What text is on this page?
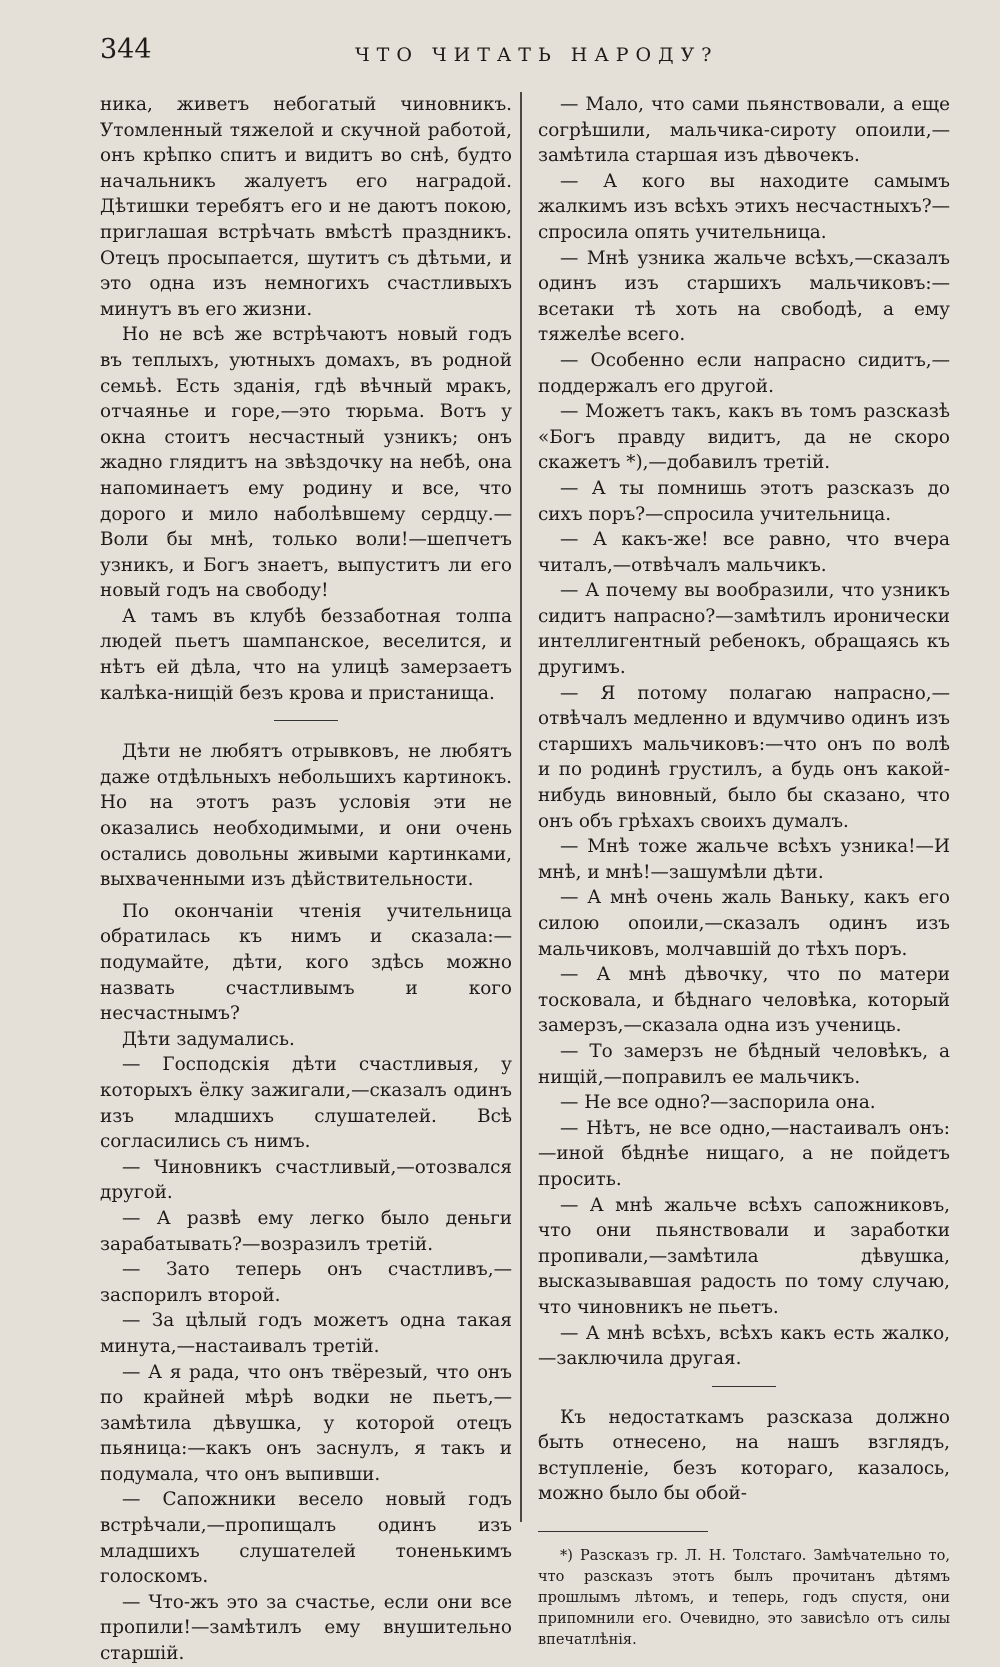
344	ЧТО ЧИТАТЬ НАРОДУ?

ника, живетъ небогатый чиновникъ. Утомленный тяжелой и скучной работой, онъ крѣпко спитъ и видитъ во снѣ, будто начальникъ жалуетъ его наградой. Дѣтишки теребятъ его и не даютъ покою, приглашая встрѣчать вмѣстѣ праздникъ. Отецъ просыпается, шутитъ съ дѣтьми, и это одна изъ немногихъ счастливыхъ минутъ въ его жизни.

Но не всѣ же встрѣчаютъ новый годъ въ теплыхъ, уютныхъ домахъ, въ родной семьѣ. Есть зданія, гдѣ вѣчный мракъ, отчаянье и горе,—это тюрьма. Вотъ у окна стоитъ несчастный узникъ; онъ жадно глядитъ на звѣздочку на небѣ, она напоминаетъ ему родину и все, что дорого и мило наболѣвшему сердцу.—Воли бы мнѣ, только воли!—шепчетъ узникъ, и Богъ знаетъ, выпуститъ ли его новый годъ на свободу!

А тамъ въ клубѣ беззаботная толпа людей пьетъ шампанское, веселится, и нѣтъ ей дѣла, что на улицѣ замерзаетъ калѣка-нищій безъ крова и пристанища.

Дѣти не любятъ отрывковъ, не любятъ даже отдѣльныхъ небольшихъ картинокъ. Но на этотъ разъ условія эти не оказались необходимыми, и они очень остались довольны живыми картинками, выхваченными изъ дѣйствительности.

По окончаніи чтенія учительница обратилась къ нимъ и сказала:—подумайте, дѣти, кого здѣсь можно назвать счастливымъ и кого несчастнымъ?

Дѣти задумались.

— Господскія дѣти счастливыя, у которыхъ ёлку зажигали,—сказалъ одинъ изъ младшихъ слушателей. Всѣ согласились съ нимъ.

— Чиновникъ счастливый,—отозвался другой.

— А развѣ ему легко было деньги зарабатывать?—возразилъ третій.

— Зато теперь онъ счастливъ,—заспорилъ второй.

— За цѣлый годъ можетъ одна такая минута,—настаивалъ третій.

— А я рада, что онъ твёрезый, что онъ по крайней мѣрѣ водки не пьетъ,—замѣтила дѣвушка, у которой отецъ пьяница:—какъ онъ заснулъ, я такъ и подумала, что онъ выпивши.

— Сапожники весело новый годъ встрѣчали,—пропищалъ одинъ изъ младшихъ слушателей тоненькимъ голоскомъ.

— Что-жъ это за счастье, если они все пропили!—замѣтилъ ему внушительно старшій.

— Мало, что сами пьянствовали, а еще согрѣшили, мальчика-сироту опоили,—замѣтила старшая изъ дѣвочекъ.

— А кого вы находите самымъ жалкимъ изъ всѣхъ этихъ несчастныхъ?—спросила опять учительница.

— Мнѣ узника жальче всѣхъ,—сказалъ одинъ изъ старшихъ мальчиковъ:—всетаки тѣ хоть на свободѣ, а ему тяжелѣе всего.

— Особенно если напрасно сидитъ,—поддержалъ его другой.

— Можетъ такъ, какъ въ томъ разсказѣ «Богъ правду видитъ, да не скоро скажетъ *),—добавилъ третій.

— А ты помнишь этотъ разсказъ до сихъ поръ?—спросила учительница.

— А какъ-же! все равно, что вчера читалъ,—отвѣчалъ мальчикъ.

— А почему вы вообразили, что узникъ сидитъ напрасно?—замѣтилъ иронически интеллигентный ребенокъ, обращаясь къ другимъ.

— Я потому полагаю напрасно,—отвѣчалъ медленно и вдумчиво одинъ изъ старшихъ мальчиковъ:—что онъ по волѣ и по родинѣ грустилъ, а будь онъ какой-нибудь виновный, было бы сказано, что онъ объ грѣхахъ своихъ думалъ.

— Мнѣ тоже жальче всѣхъ узника!—И мнѣ, и мнѣ!—зашумѣли дѣти.

— А мнѣ очень жаль Ваньку, какъ его силою опоили,—сказалъ одинъ изъ мальчиковъ, молчавшій до тѣхъ поръ.

— А мнѣ дѣвочку, что по матери тосковала, и бѣднаго человѣка, который замерзъ,—сказала одна изъ учениць.

— То замерзъ не бѣдный человѣкъ, а нищій,—поправилъ ее мальчикъ.

— Не все одно?—заспорила она.

— Нѣтъ, не все одно,—настаивалъ онъ:—иной бѣднѣе нищаго, а не пойдетъ просить.

— А мнѣ жальче всѣхъ сапожниковъ, что они пьянствовали и заработки пропивали,—замѣтила дѣвушка, высказывавшая радость по тому случаю, что чиновникъ не пьетъ.

— А мнѣ всѣхъ, всѣхъ какъ есть жалко,—заключила другая.

Къ недостаткамъ разсказа должно быть отнесено, на нашъ взглядъ, вступленіе, безъ котораго, казалось, можно было бы обой-

*) Разсказъ гр. Л. Н. Толстаго. Замѣчательно то, что разсказъ этотъ былъ прочитанъ дѣтямъ прошлымъ лѣтомъ, и теперь, годъ спустя, они припомнили его. Очевидно, это зависѣло отъ силы впечатлѣнія.
